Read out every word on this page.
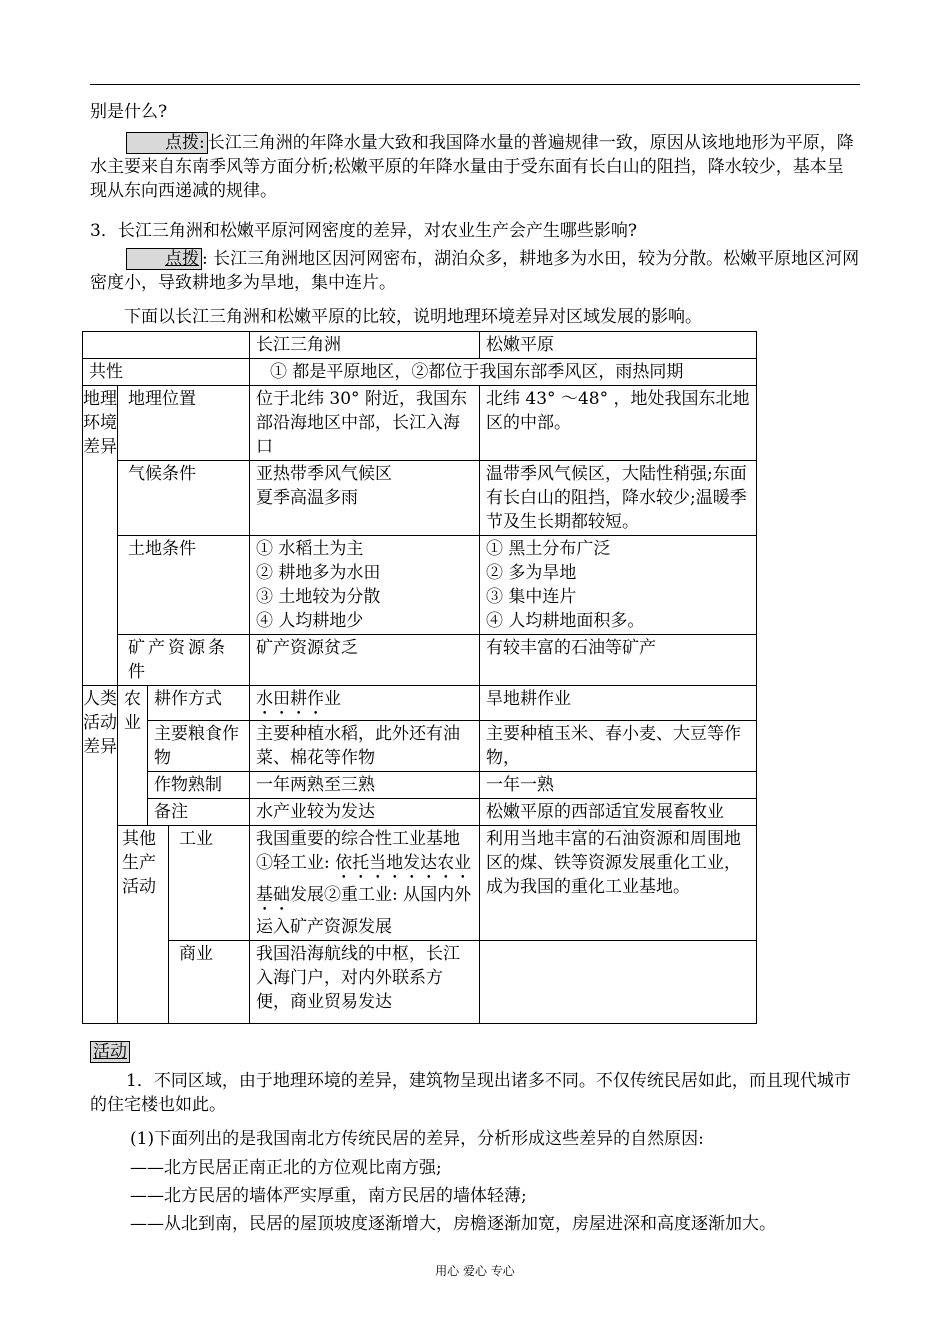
别是什么?

点拨: 长江三角洲的年降水量大致和我国降水量的普遍规律一致，原因从该地地形为平原，降水主要来自东南季风等方面分析;松嫩平原的年降水量由于受东面有长白山的阻挡，降水较少，基本呈现从东向西递减的规律。

3．长江三角洲和松嫩平原河网密度的差异，对农业生产会产生哪些影响?

点拨 : 长江三角洲地区因河网密布，湖泊众多，耕地多为水田，较为分散。松嫩平原地区河网密度小，导致耕地多为旱地，集中连片。

下面以长江三角洲和松嫩平原的比较，说明地理环境差异对区域发展的影响。

				长江三角洲	松嫩平原
共性				① 都是平原地区，②都位于我国东部季风区，雨热同期	
地理环境差异	地理位置			位于北纬 30° 附近，我国东部沿海地区中部，长江入海口	北纬 43° ～48° ，地处我国东北地区的中部。
	气候条件			亚热带季风气候区
夏季高温多雨	温带季风气候区，大陆性稍强;东面有长白山的阻挡，降水较少;温暖季节及生长期都较短。
	土地条件			① 水稻土为主
② 耕地多为水田
③ 土地较为分散
④ 人均耕地少	① 黑土分布广泛
② 多为旱地
③ 集中连片
④ 人均耕地面积多。

	矿产资源条件			矿产资源贫乏	有较丰富的石油等矿产
人类活动差异	农业	耕作方式		水田耕作业	旱地耕作业
		主要粮食作物		主要种植水稻，此外还有油菜、棉花等作物	主要种植玉米、春小麦、大豆等作物，
		作物熟制		一年两熟至三熟	一年一熟
		备注		水产业较为发达	松嫩平原的西部适宜发展畜牧业
	其他生产活动		工业	我国重要的综合性工业基地①轻工业: 依托当地发达农业基础发展②重工业: 从国内外运入矿产资源发展	利用当地丰富的石油资源和周围地区的煤、铁等资源发展重化工业，成为我国的重化工业基地。
			商业	我国沿海航线的中枢，长江入海门户，对内外联系方便，商业贸易发达	

活动

1．不同区域，由于地理环境的差异，建筑物呈现出诸多不同。不仅传统民居如此，而且现代城市的住宅楼也如此。

(1)下面列出的是我国南北方传统民居的差异，分析形成这些差异的自然原因:

——北方民居正南正北的方位观比南方强;

——北方民居的墙体严实厚重，南方民居的墙体轻薄;

——从北到南，民居的屋顶坡度逐渐增大，房檐逐渐加宽，房屋进深和高度逐渐加大。

用心 爱心 专心
